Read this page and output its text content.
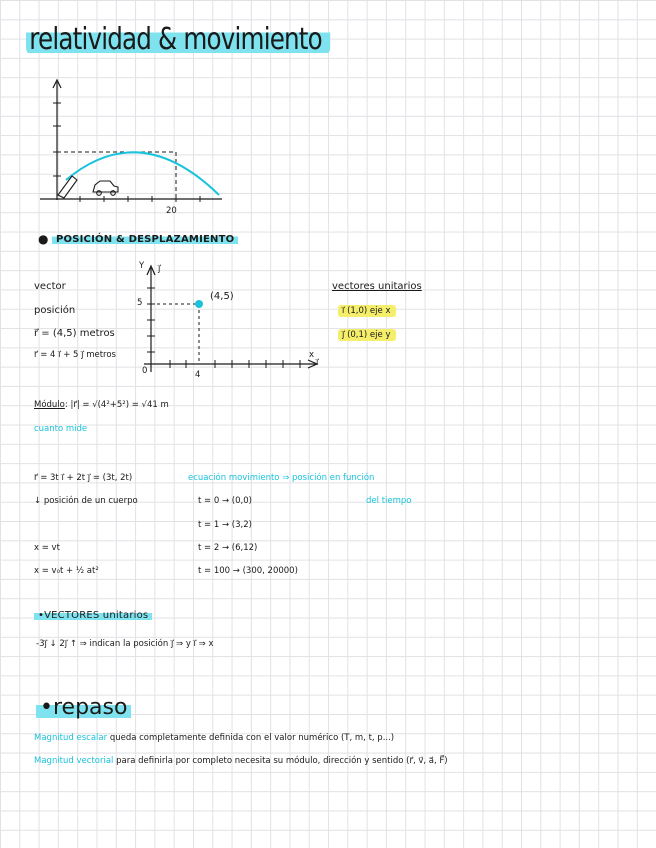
relatividad & movimiento
20
● POSICIÓN & DESPLAZAMIENTO
vector
posición
r⃗ = (4,5) metros
r⃗ = 4 i⃗ + 5 j⃗ metros
Y j⃗
5
0	4
x
i⃗
(4,5)
vectores unitarios
i⃗ (1,0) eje x
j⃗ (0,1) eje y
Módulo: |r⃗| = √(4²+5²) = √41 m
cuanto mide
r⃗ = 3t i⃗ + 2t j⃗ = (3t, 2t)	ecuación movimiento ⇒ posición en función
del tiempo
↓ posición de un cuerpo
x = vt
x = v₀t + ½ at²
t = 0 → (0,0)
t = 1 → (3,2)
t = 2 → (6,12)
t = 100 → (300, 20000)
•VECTORES unitarios
-3j⃗ ↓ 2j⃗ ↑ ⇒ indican la posición j⃗ ⇒ y i⃗ ⇒ x
•repaso
Magnitud escalar queda completamente definida con el valor numérico (T, m, t, p...)
Magnitud vectorial para definirla por completo necesita su módulo, dirección y sentido (r⃗, v⃗, a⃗, F⃗)
